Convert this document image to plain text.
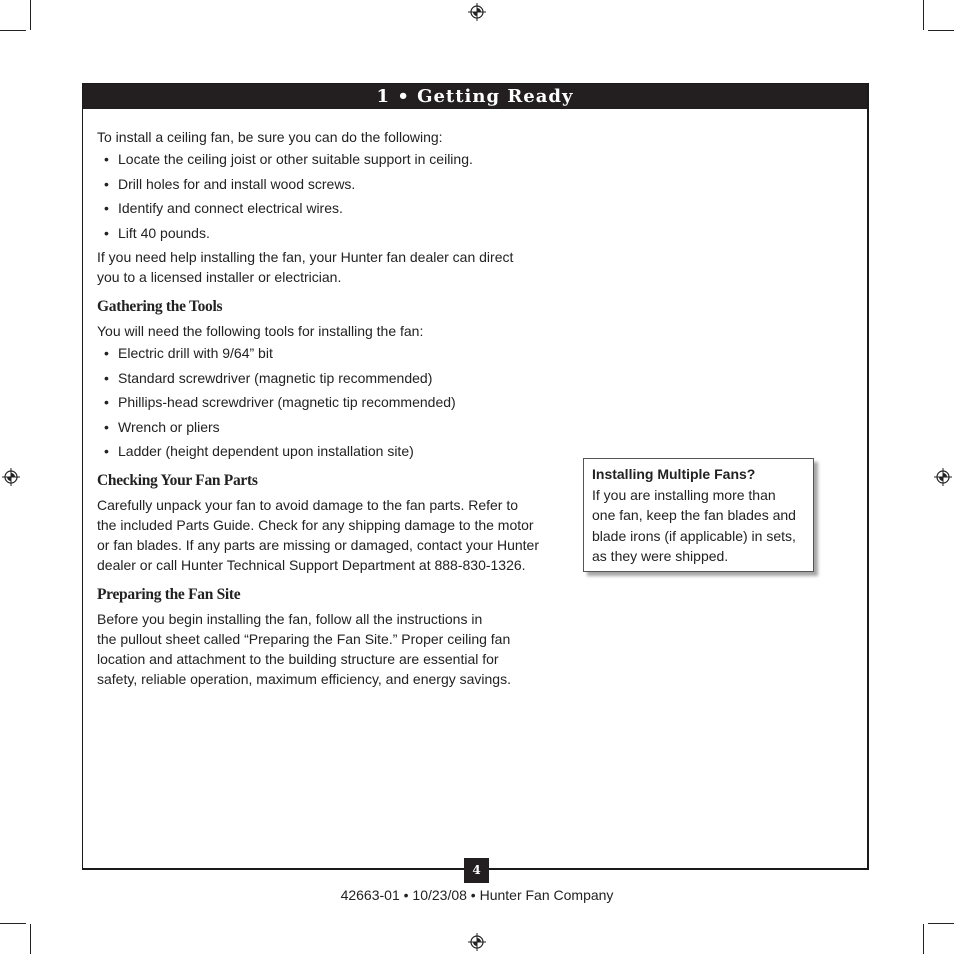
1 • Getting Ready

To install a ceiling fan, be sure you can do the following:

• Locate the ceiling joist or other suitable support in ceiling.
• Drill holes for and install wood screws.
• Identify and connect electrical wires.
• Lift 40 pounds.

If you need help installing the fan, your Hunter fan dealer can direct

you to a licensed installer or electrician.

Gathering the Tools

You will need the following tools for installing the fan:

• Electric drill with 9/64” bit
• Standard screwdriver (magnetic tip recommended)
• Phillips-head screwdriver (magnetic tip recommended)
• Wrench or pliers
• Ladder (height dependent upon installation site)

Checking Your Fan Parts

Carefully unpack your fan to avoid damage to the fan parts. Refer to

the included Parts Guide. Check for any shipping damage to the motor

or fan blades. If any parts are missing or damaged, contact your Hunter

dealer or call Hunter Technical Support Department at 888-830-1326.

Preparing the Fan Site

Before you begin installing the fan, follow all the instructions in

the pullout sheet called “Preparing the Fan Site.” Proper ceiling fan

location and attachment to the building structure are essential for

safety, reliable operation, maximum efficiency, and energy savings.

Installing Multiple Fans?
If you are installing more than
one fan, keep the fan blades and
blade irons (if applicable) in sets,
as they were shipped.
4
42663-01 • 10/23/08 • Hunter Fan Company
